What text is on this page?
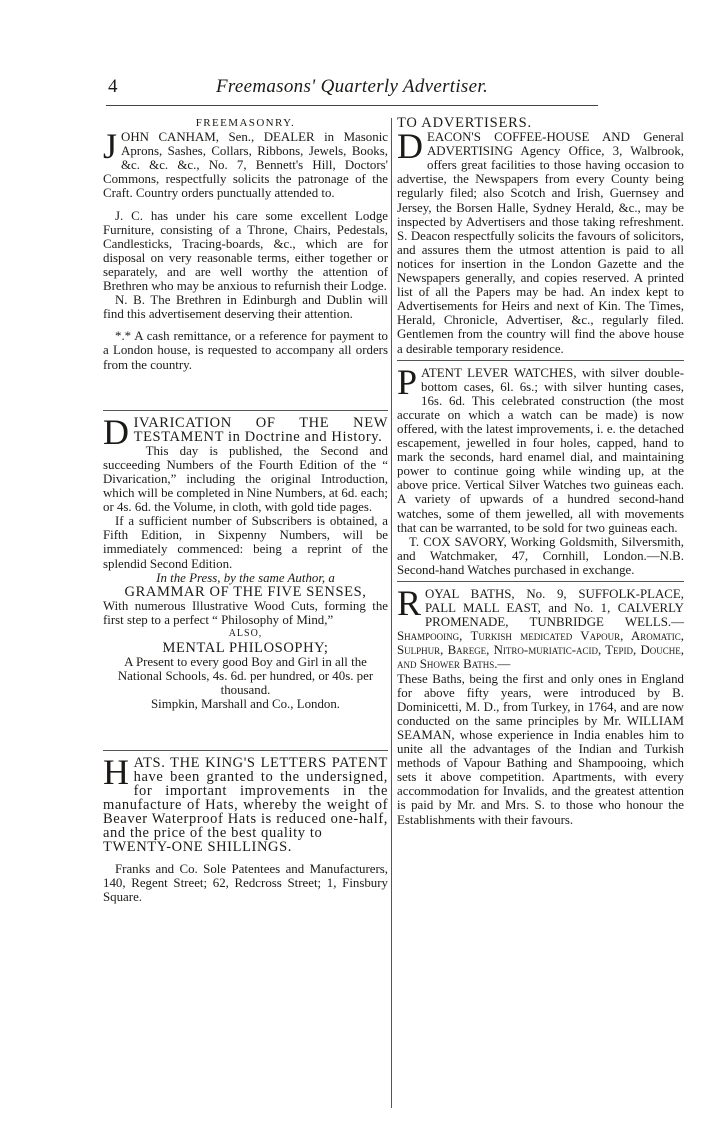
4	Freemasons' Quarterly Advertiser.

FREEMASONRY.

JOHN CANHAM, Sen., DEALER in Masonic Aprons, Sashes, Collars, Ribbons, Jewels, Books, &c. &c. &c., No. 7, Bennett's Hill, Doctors' Commons, respectfully solicits the patronage of the Craft. Country orders punctually attended to.

J. C. has under his care some excellent Lodge Furniture, consisting of a Throne, Chairs, Pedestals, Candlesticks, Tracing-boards, &c., which are for disposal on very reasonable terms, either together or separately, and are well worthy the attention of Brethren who may be anxious to refurnish their Lodge.

N. B. The Brethren in Edinburgh and Dublin will find this advertisement deserving their attention.

*.* A cash remittance, or a reference for payment to a London house, is requested to accompany all orders from the country.

DIVARICATION OF THE NEW TESTAMENT in Doctrine and History.

This day is published, the Second and succeeding Numbers of the Fourth Edition of the “ Divarication,” including the original Introduction, which will be completed in Nine Numbers, at 6d. each; or 4s. 6d. the Volume, in cloth, with gold tide pages.

If a sufficient number of Subscribers is obtained, a Fifth Edition, in Sixpenny Numbers, will be immediately commenced: being a reprint of the splendid Second Edition.

In the Press, by the same Author, a

GRAMMAR OF THE FIVE SENSES,

With numerous Illustrative Wood Cuts, forming the first step to a perfect “ Philosophy of Mind,”

ALSO,

MENTAL PHILOSOPHY;

A Present to every good Boy and Girl in all the National Schools, 4s. 6d. per hundred, or 40s. per thousand.

Simpkin, Marshall and Co., London.

HATS. THE KING'S LETTERS PATENT have been granted to the undersigned, for important improvements in the manufacture of Hats, whereby the weight of Beaver Waterproof Hats is reduced one-half, and the price of the best quality to

TWENTY-ONE SHILLINGS.

Franks and Co. Sole Patentees and Manufacturers, 140, Regent Street; 62, Redcross Street; 1, Finsbury Square.

TO ADVERTISERS.

DEACON'S COFFEE-HOUSE AND General ADVERTISING Agency Office, 3, Walbrook, offers great facilities to those having occasion to advertise, the Newspapers from every County being regularly filed; also Scotch and Irish, Guernsey and Jersey, the Borsen Halle, Sydney Herald, &c., may be inspected by Advertisers and those taking refreshment. S. Deacon respectfully solicits the favours of solicitors, and assures them the utmost attention is paid to all notices for insertion in the London Gazette and the Newspapers generally, and copies reserved. A printed list of all the Papers may be had. An index kept to Advertisements for Heirs and next of Kin. The Times, Herald, Chronicle, Advertiser, &c., regularly filed. Gentlemen from the country will find the above house a desirable temporary residence.

PATENT LEVER WATCHES, with silver double-bottom cases, 6l. 6s.; with silver hunting cases, 16s. 6d. This celebrated construction (the most accurate on which a watch can be made) is now offered, with the latest improvements, i. e. the detached escapement, jewelled in four holes, capped, hand to mark the seconds, hard enamel dial, and maintaining power to continue going while winding up, at the above price. Vertical Silver Watches two guineas each. A variety of upwards of a hundred second-hand watches, some of them jewelled, all with movements that can be warranted, to be sold for two guineas each.

T. COX SAVORY, Working Goldsmith, Silversmith, and Watchmaker, 47, Cornhill, London.—N.B. Second-hand Watches purchased in exchange.

ROYAL BATHS, No. 9, SUFFOLK-PLACE, PALL MALL EAST, and No. 1, CALVERLY PROMENADE, TUNBRIDGE WELLS.— Shampooing, Turkish medicated Vapour, Aromatic, Sulphur, Barege, Nitro-muriatic-acid, Tepid, Douche, and Shower Baths.—

These Baths, being the first and only ones in England for above fifty years, were introduced by B. Dominicetti, M. D., from Turkey, in 1764, and are now conducted on the same principles by Mr. WILLIAM SEAMAN, whose experience in India enables him to unite all the advantages of the Indian and Turkish methods of Vapour Bathing and Shampooing, which sets it above competition. Apartments, with every accommodation for Invalids, and the greatest attention is paid by Mr. and Mrs. S. to those who honour the Establishments with their favours.
